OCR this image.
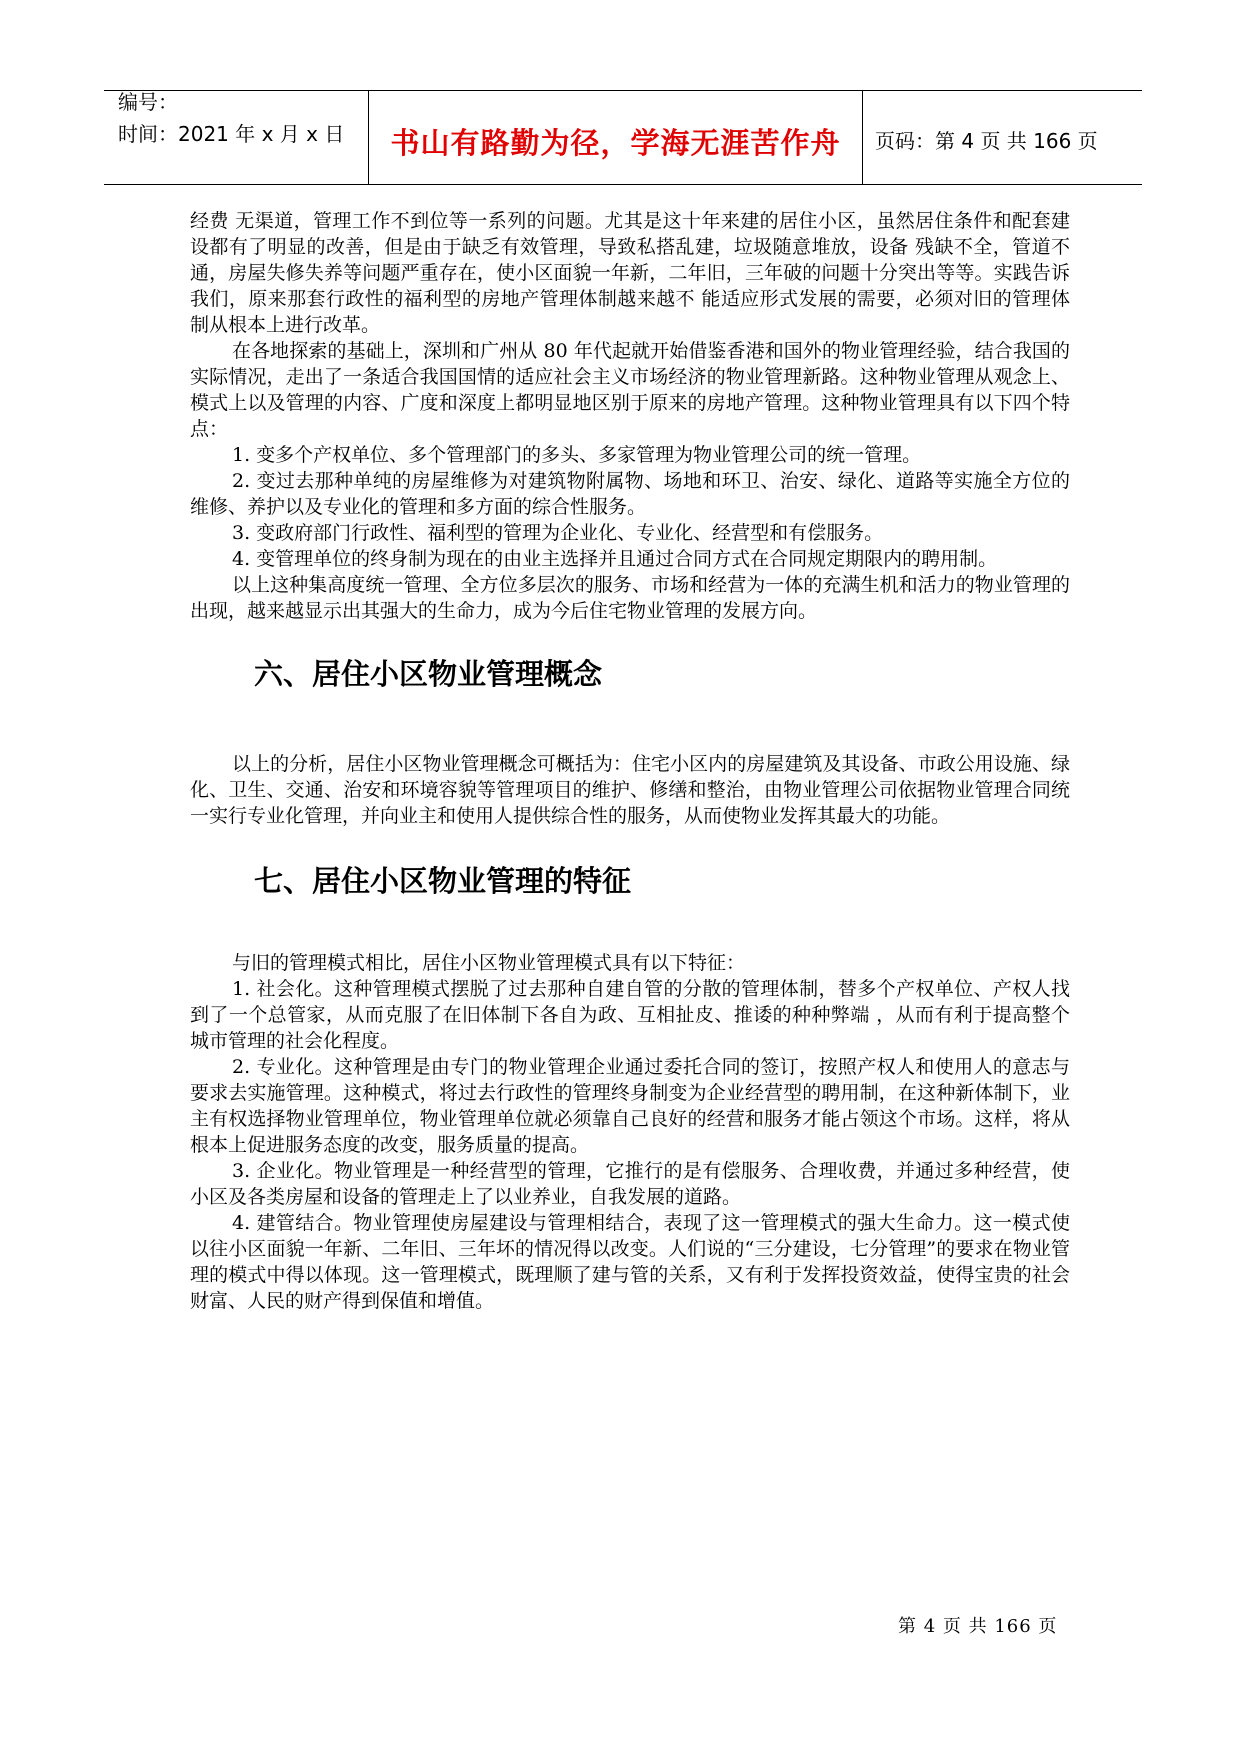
编号：
时间：2021 年 x 月 x 日	书山有路勤为径，学海无涯苦作舟	页码：第 4 页 共 166 页

经费 无渠道，管理工作不到位等一系列的问题。尤其是这十年来建的居住小区，虽然居住条件和配套建设都有了明显的改善，但是由于缺乏有效管理，导致私搭乱建，垃圾随意堆放，设备 残缺不全，管道不通，房屋失修失养等问题严重存在，使小区面貌一年新，二年旧，三年破的问题十分突出等等。实践告诉我们，原来那套行政性的福利型的房地产管理体制越来越不 能适应形式发展的需要，必须对旧的管理体制从根本上进行改革。

在各地探索的基础上，深圳和广州从 80 年代起就开始借鉴香港和国外的物业管理经验，结合我国的实际情况，走出了一条适合我国国情的适应社会主义市场经济的物业管理新路。这种物业管理从观念上、模式上以及管理的内容、广度和深度上都明显地区别于原来的房地产管理。这种物业管理具有以下四个特点：

1. 变多个产权单位、多个管理部门的多头、多家管理为物业管理公司的统一管理。

2. 变过去那种单纯的房屋维修为对建筑物附属物、场地和环卫、治安、绿化、道路等实施全方位的维修、养护以及专业化的管理和多方面的综合性服务。

3. 变政府部门行政性、福利型的管理为企业化、专业化、经营型和有偿服务。

4. 变管理单位的终身制为现在的由业主选择并且通过合同方式在合同规定期限内的聘用制。

以上这种集高度统一管理、全方位多层次的服务、市场和经营为一体的充满生机和活力的物业管理的出现，越来越显示出其强大的生命力，成为今后住宅物业管理的发展方向。

六、居住小区物业管理概念

以上的分析，居住小区物业管理概念可概括为：住宅小区内的房屋建筑及其设备、市政公用设施、绿化、卫生、交通、治安和环境容貌等管理项目的维护、修缮和整治，由物业管理公司依据物业管理合同统一实行专业化管理，并向业主和使用人提供综合性的服务，从而使物业发挥其最大的功能。

七、居住小区物业管理的特征

与旧的管理模式相比，居住小区物业管理模式具有以下特征：

1. 社会化。这种管理模式摆脱了过去那种自建自管的分散的管理体制，替多个产权单位、产权人找到了一个总管家，从而克服了在旧体制下各自为政、互相扯皮、推诿的种种弊端 ，从而有利于提高整个城市管理的社会化程度。

2. 专业化。这种管理是由专门的物业管理企业通过委托合同的签订，按照产权人和使用人的意志与要求去实施管理。这种模式，将过去行政性的管理终身制变为企业经营型的聘用制，在这种新体制下，业主有权选择物业管理单位，物业管理单位就必须靠自己良好的经营和服务才能占领这个市场。这样，将从根本上促进服务态度的改变，服务质量的提高。

3. 企业化。物业管理是一种经营型的管理，它推行的是有偿服务、合理收费，并通过多种经营，使小区及各类房屋和设备的管理走上了以业养业，自我发展的道路。

4. 建管结合。物业管理使房屋建设与管理相结合，表现了这一管理模式的强大生命力。这一模式使以往小区面貌一年新、二年旧、三年坏的情况得以改变。人们说的“三分建设，七分管理”的要求在物业管理的模式中得以体现。这一管理模式，既理顺了建与管的关系，又有利于发挥投资效益，使得宝贵的社会财富、人民的财产得到保值和增值。

第 4 页 共 166 页
